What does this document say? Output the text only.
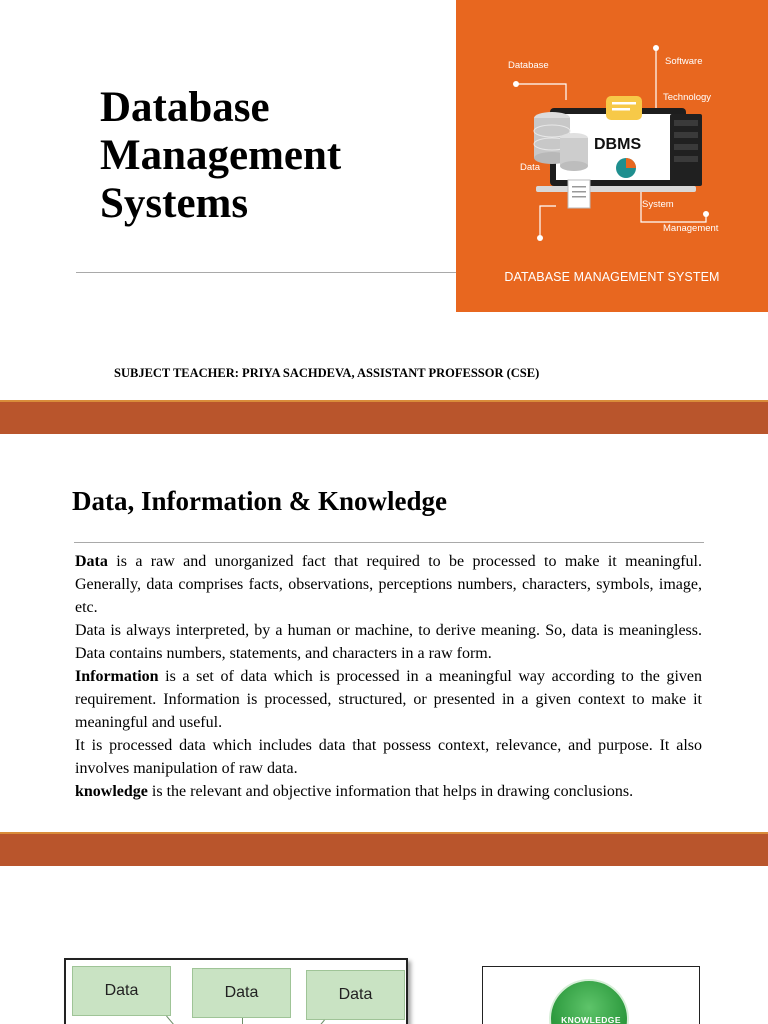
Database
Management
Systems
Database	Software
Technology
Data
System
Management
DBMS
DATABASE MANAGEMENT SYSTEM
SUBJECT TEACHER: PRIYA SACHDEVA, ASSISTANT PROFESSOR (CSE)
Data, Information & Knowledge

Data is a raw and unorganized fact that required to be processed to make it meaningful. Generally, data comprises facts, observations, perceptions numbers, characters, symbols, image, etc.

Data is always interpreted, by a human or machine, to derive meaning. So, data is meaningless. Data contains numbers, statements, and characters in a raw form.

Information is a set of data which is processed in a meaningful way according to the given requirement. Information is processed, structured, or presented in a given context to make it meaningful and useful.

It is processed data which includes data that possess context, relevance, and purpose. It also involves manipulation of raw data.

knowledge is the relevant and objective information that helps in drawing conclusions.

Data	Data	Data
KNOWLEDGE
